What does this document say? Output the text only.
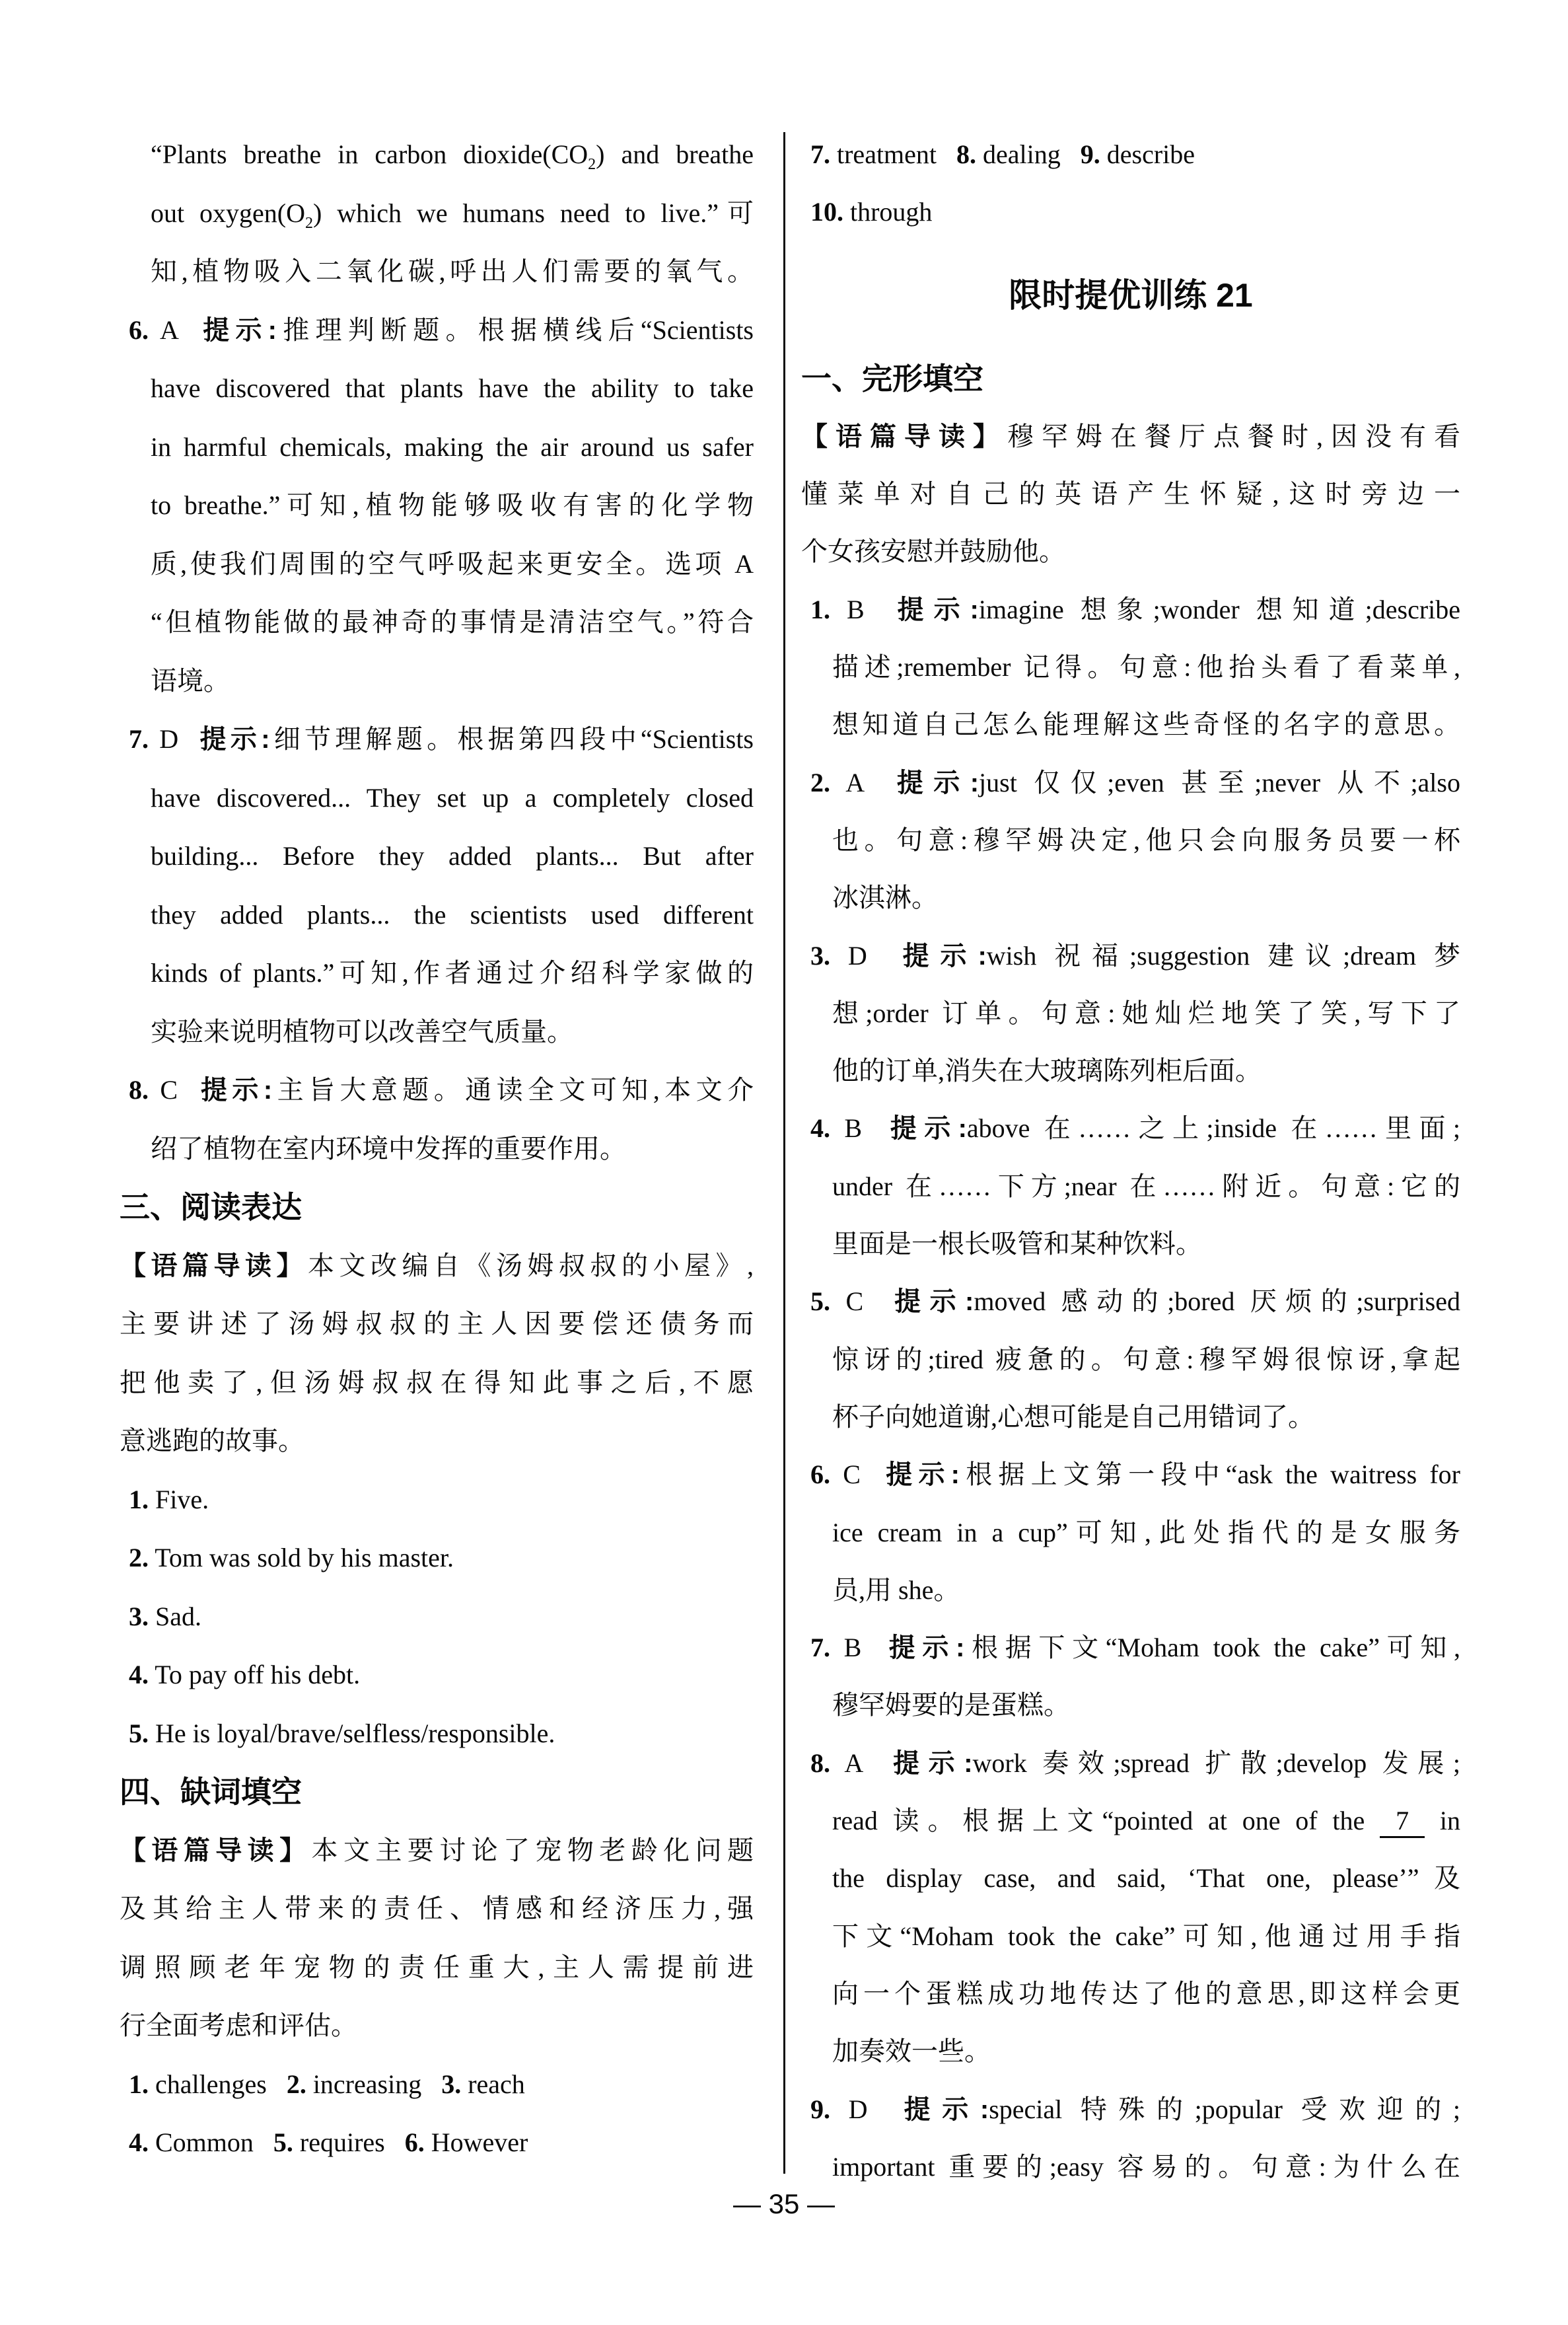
“Plants breathe in carbon $dioxide(CO_2)$ and breathe
out $oxygen(O_2)$ which we humans need to live.”可
知,植物吸入二氧化碳,呼出人们需要的氧气。
6. A  提示:推理判断题。根据横线后“Scientists
have discovered that plants have the ability to take
in harmful chemicals, making the air around us safer
to breathe.”可知,植物能够吸收有害的化学物
质,使我们周围的空气呼吸起来更安全。选项 A
“但植物能做的最神奇的事情是清洁空气。”符合
语境。
7. D  提示:细节理解题。根据第四段中“Scientists
have discovered... They set up a completely closed
building... Before they added plants... But after
they added plants... the scientists used different
kinds of plants.”可知,作者通过介绍科学家做的
实验来说明植物可以改善空气质量。
8. C  提示:主旨大意题。通读全文可知,本文介
绍了植物在室内环境中发挥的重要作用。
三、阅读表达
【语篇导读】本文改编自《汤姆叔叔的小屋》,
主要讲述了汤姆叔叔的主人因要偿还债务而
把他卖了,但汤姆叔叔在得知此事之后,不愿
意逃跑的故事。
1. Five.
2. Tom was sold by his master.
3. Sad.
4. To pay off his debt.
5. He is loyal/brave/selfless/responsible.
四、缺词填空
【语篇导读】本文主要讨论了宠物老龄化问题
及其给主人带来的责任、情感和经济压力,强
调照顾老年宠物的责任重大,主人需提前进
行全面考虑和评估。
1. challenges   2. increasing   3. reach
4. Common   5. requires   6. However
7. treatment   8. dealing   9. describe
10. through
限时提优训练 21
一、完形填空
【语篇导读】穆罕姆在餐厅点餐时,因没有看
懂菜单对自己的英语产生怀疑,这时旁边一
个女孩安慰并鼓励他。
1. B  提示:imagine 想象;wonder 想知道;describe
描述;remember 记得。句意:他抬头看了看菜单,
想知道自己怎么能理解这些奇怪的名字的意思。
2. A  提示:just 仅仅;even 甚至;never 从不;also
也。句意:穆罕姆决定,他只会向服务员要一杯
冰淇淋。
3. D  提示:wish 祝福;suggestion 建议;dream 梦
想;order 订单。句意:她灿烂地笑了笑,写下了
他的订单,消失在大玻璃陈列柜后面。
4. B  提示:above 在……之上;inside 在……里面;
under 在……下方;near 在……附近。句意:它的
里面是一根长吸管和某种饮料。
5. C  提示:moved 感动的;bored 厌烦的;surprised
惊讶的;tired 疲惫的。句意:穆罕姆很惊讶,拿起
杯子向她道谢,心想可能是自己用错词了。
6. C  提示:根据上文第一段中“ask the waitress for
ice cream in a cup”可知,此处指代的是女服务
员,用 she。
7. B  提示:根据下文“Moham took the cake”可知,
穆罕姆要的是蛋糕。
8. A  提示:work 奏效;spread 扩散;develop 发展;
read 读。根据上文“pointed at one of the 7 in
the display case, and said, ‘That one, please’”及
下文“Moham took the cake”可知,他通过用手指
向一个蛋糕成功地传达了他的意思,即这样会更
加奏效一些。
9. D  提示:special 特殊的;popular 受欢迎的;
important 重要的;easy 容易的。句意:为什么在
— 35 —
